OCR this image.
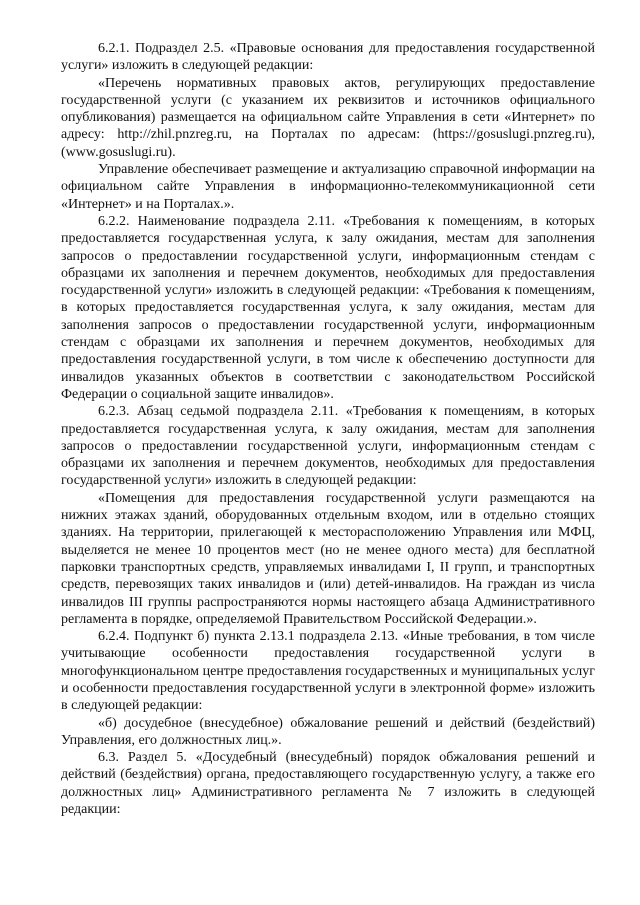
6.2.1. Подраздел 2.5. «Правовые основания для предоставления государственной услуги» изложить в следующей редакции:

«Перечень нормативных правовых актов, регулирующих предоставление государственной услуги (с указанием их реквизитов и источников официального опубликования) размещается на официальном сайте Управления в сети «Интернет» по адресу: http://zhil.pnzreg.ru, на Порталах по адресам: (https://gosuslugi.pnzreg.ru), (www.gosuslugi.ru).

Управление обеспечивает размещение и актуализацию справочной информации на официальном сайте Управления в информационно-телекоммуникационной сети «Интернет» и на Порталах.».

6.2.2. Наименование подраздела 2.11. «Требования к помещениям, в которых предоставляется государственная услуга, к залу ожидания, местам для заполнения запросов о предоставлении государственной услуги, информационным стендам с образцами их заполнения и перечнем документов, необходимых для предоставления государственной услуги» изложить в следующей редакции: «Требования к помещениям, в которых предоставляется государственная услуга, к залу ожидания, местам для заполнения запросов о предоставлении государственной услуги, информационным стендам с образцами их заполнения и перечнем документов, необходимых для предоставления государственной услуги, в том числе к обеспечению доступности для инвалидов указанных объектов в соответствии с законодательством Российской Федерации о социальной защите инвалидов».

6.2.3. Абзац седьмой подраздела 2.11. «Требования к помещениям, в которых предоставляется государственная услуга, к залу ожидания, местам для заполнения запросов о предоставлении государственной услуги, информационным стендам с образцами их заполнения и перечнем документов, необходимых для предоставления государственной услуги» изложить в следующей редакции:

«Помещения для предоставления государственной услуги размещаются на нижних этажах зданий, оборудованных отдельным входом, или в отдельно стоящих зданиях. На территории, прилегающей к месторасположению Управления или МФЦ, выделяется не менее 10 процентов мест (но не менее одного места) для бесплатной парковки транспортных средств, управляемых инвалидами I, II групп, и транспортных средств, перевозящих таких инвалидов и (или) детей-инвалидов. На граждан из числа инвалидов III группы распространяются нормы настоящего абзаца Административного регламента в порядке, определяемой Правительством Российской Федерации.».

6.2.4. Подпункт б) пункта 2.13.1 подраздела 2.13. «Иные требования, в том числе учитывающие особенности предоставления государственной услуги в многофункциональном центре предоставления государственных и муниципальных услуг и особенности предоставления государственной услуги в электронной форме» изложить в следующей редакции:

«б) досудебное (внесудебное) обжалование решений и действий (бездействий) Управления, его должностных лиц.».

6.3. Раздел 5. «Досудебный (внесудебный) порядок обжалования решений и действий (бездействия) органа, предоставляющего государственную услугу, а также его должностных лиц» Административного регламента № 7 изложить в следующей редакции:
